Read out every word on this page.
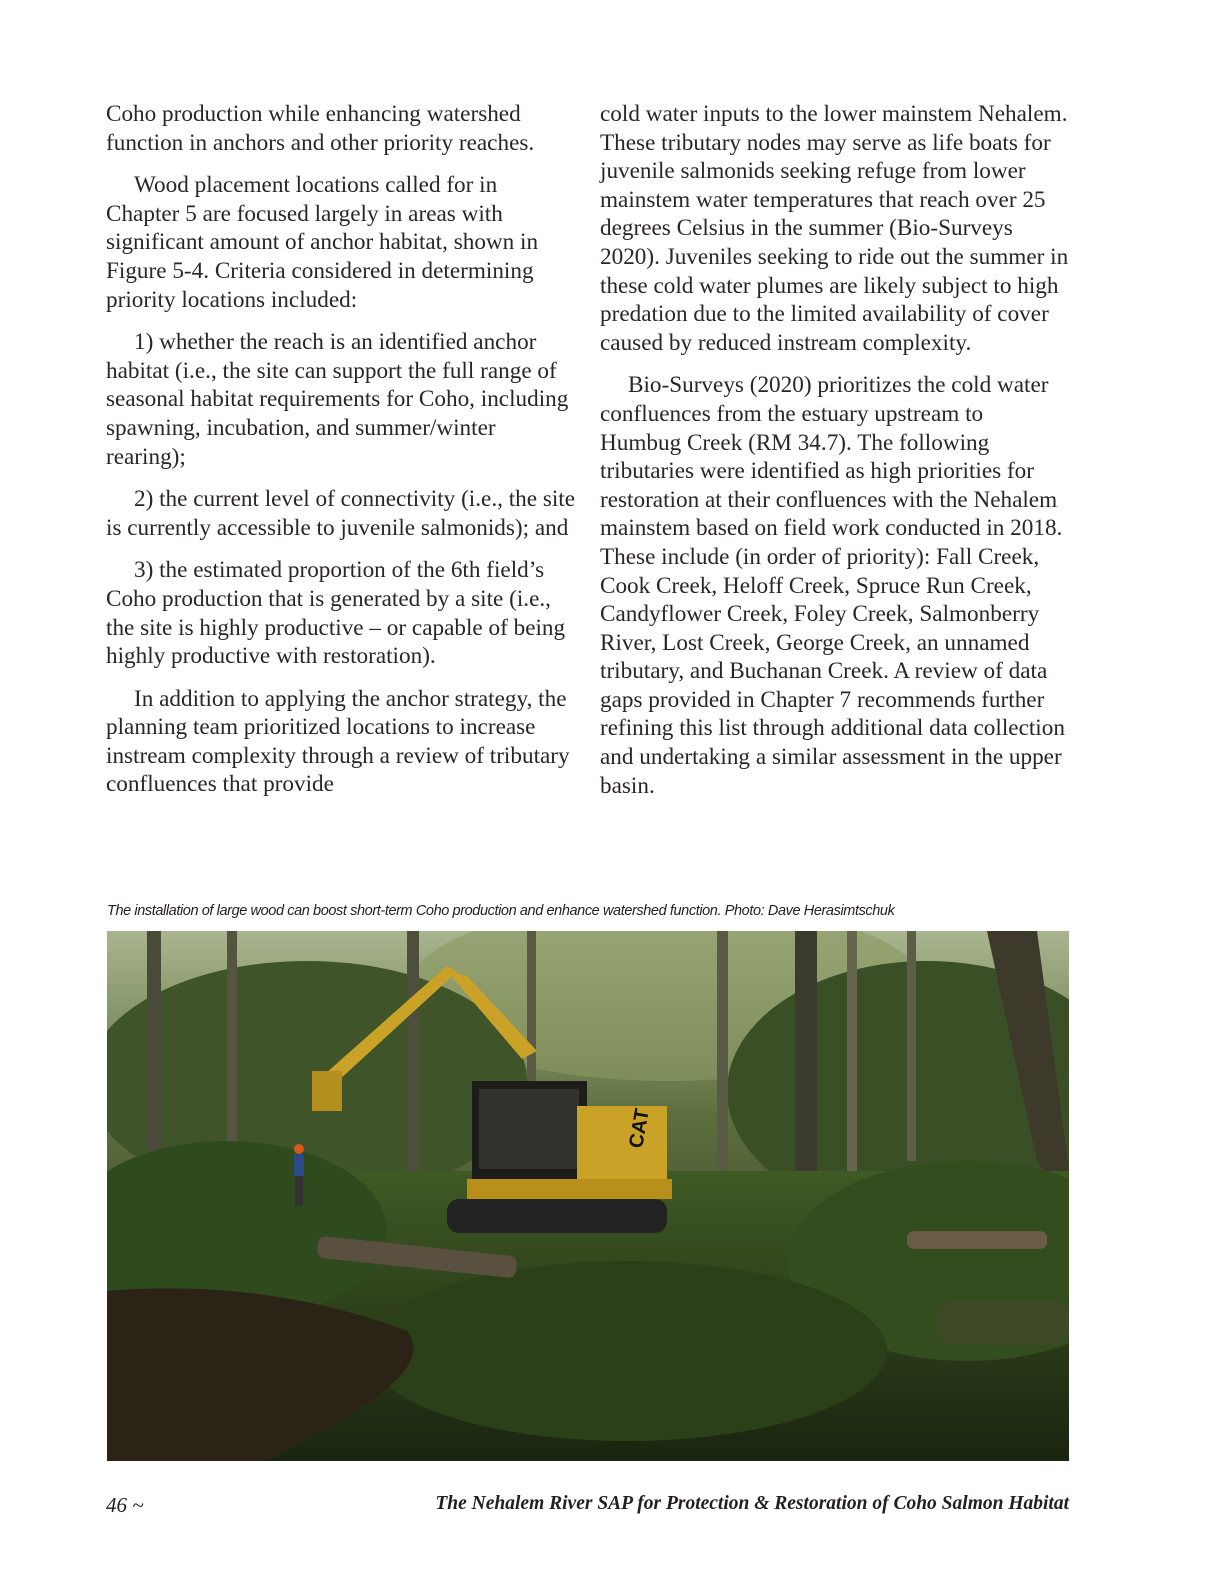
Coho production while enhancing watershed function in anchors and other priority reaches.

Wood placement locations called for in Chapter 5 are focused largely in areas with significant amount of anchor habitat, shown in Figure 5-4. Criteria considered in determining priority locations included:

1) whether the reach is an identified anchor habitat (i.e., the site can support the full range of seasonal habitat requirements for Coho, including spawning, incubation, and summer/winter rearing);

2) the current level of connectivity (i.e., the site is currently accessible to juvenile salmonids); and

3) the estimated proportion of the 6th field’s Coho production that is generated by a site (i.e., the site is highly productive – or capable of being highly productive with restoration).

In addition to applying the anchor strategy, the planning team prioritized locations to increase instream complexity through a review of tributary confluences that provide

cold water inputs to the lower mainstem Nehalem. These tributary nodes may serve as life boats for juvenile salmonids seeking refuge from lower mainstem water temperatures that reach over 25 degrees Celsius in the summer (Bio-Surveys 2020). Juveniles seeking to ride out the summer in these cold water plumes are likely subject to high predation due to the limited availability of cover caused by reduced instream complexity.

Bio-Surveys (2020) prioritizes the cold water confluences from the estuary upstream to Humbug Creek (RM 34.7). The following tributaries were identified as high priorities for restoration at their confluences with the Nehalem mainstem based on field work conducted in 2018. These include (in order of priority): Fall Creek, Cook Creek, Heloff Creek, Spruce Run Creek, Candyflower Creek, Foley Creek, Salmonberry River, Lost Creek, George Creek, an unnamed tributary, and Buchanan Creek. A review of data gaps provided in Chapter 7 recommends further refining this list through additional data collection and undertaking a similar assessment in the upper basin.

The installation of large wood can boost short-term Coho production and enhance watershed function. Photo: Dave Herasimtschuk
CAT
46 ~	The Nehalem River SAP for Protection & Restoration of Coho Salmon Habitat
